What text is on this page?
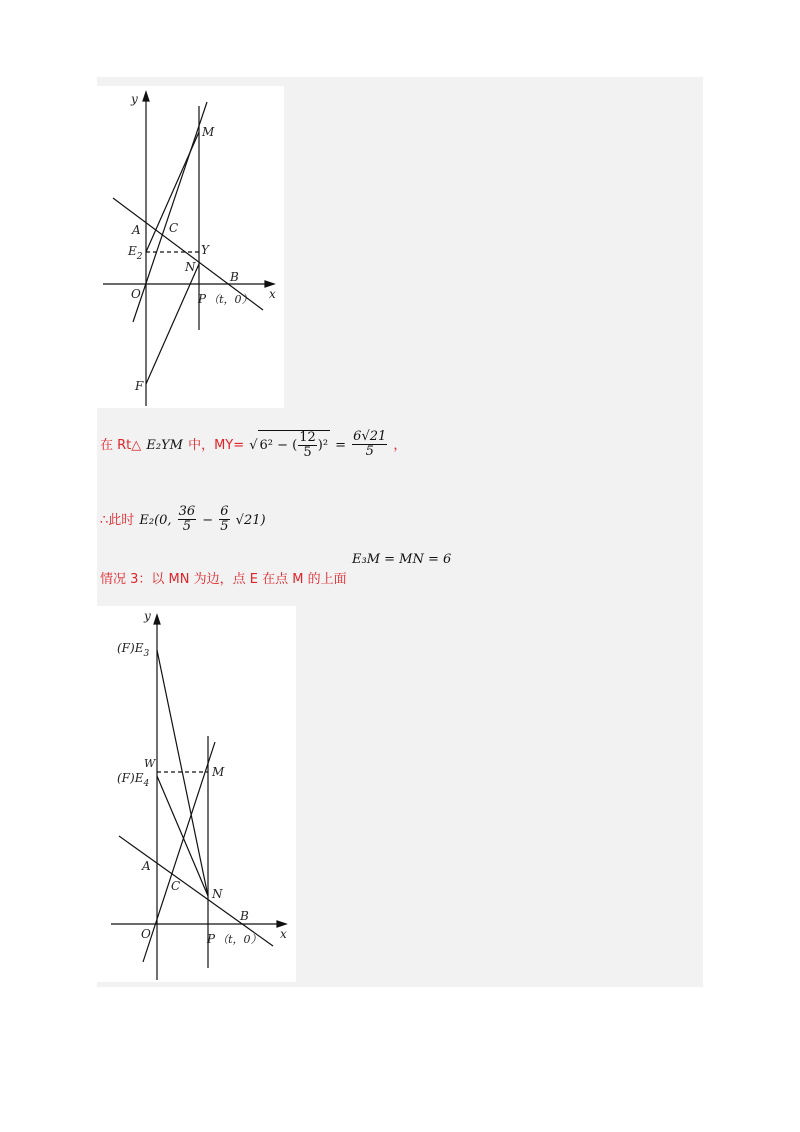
y
x
M
A C
$E_2$	Y
N
B
O	P （t，0）
F
在 Rt△ E₂YM 中，MY= √ 6² − ( $\frac{12}{5} )^2 = \frac{6√21}{5}$ ，
∴此时 E₂(0, $\frac{36}{5} - \frac{6}{5} √21$)
情况 3：以 MN 为边，点 E 在点 M 的上面
E₃M = MN = 6
y
x
$(F)E_3$
W
$(F)E_4$
M
A
C
N
B
O	P （t，0）
